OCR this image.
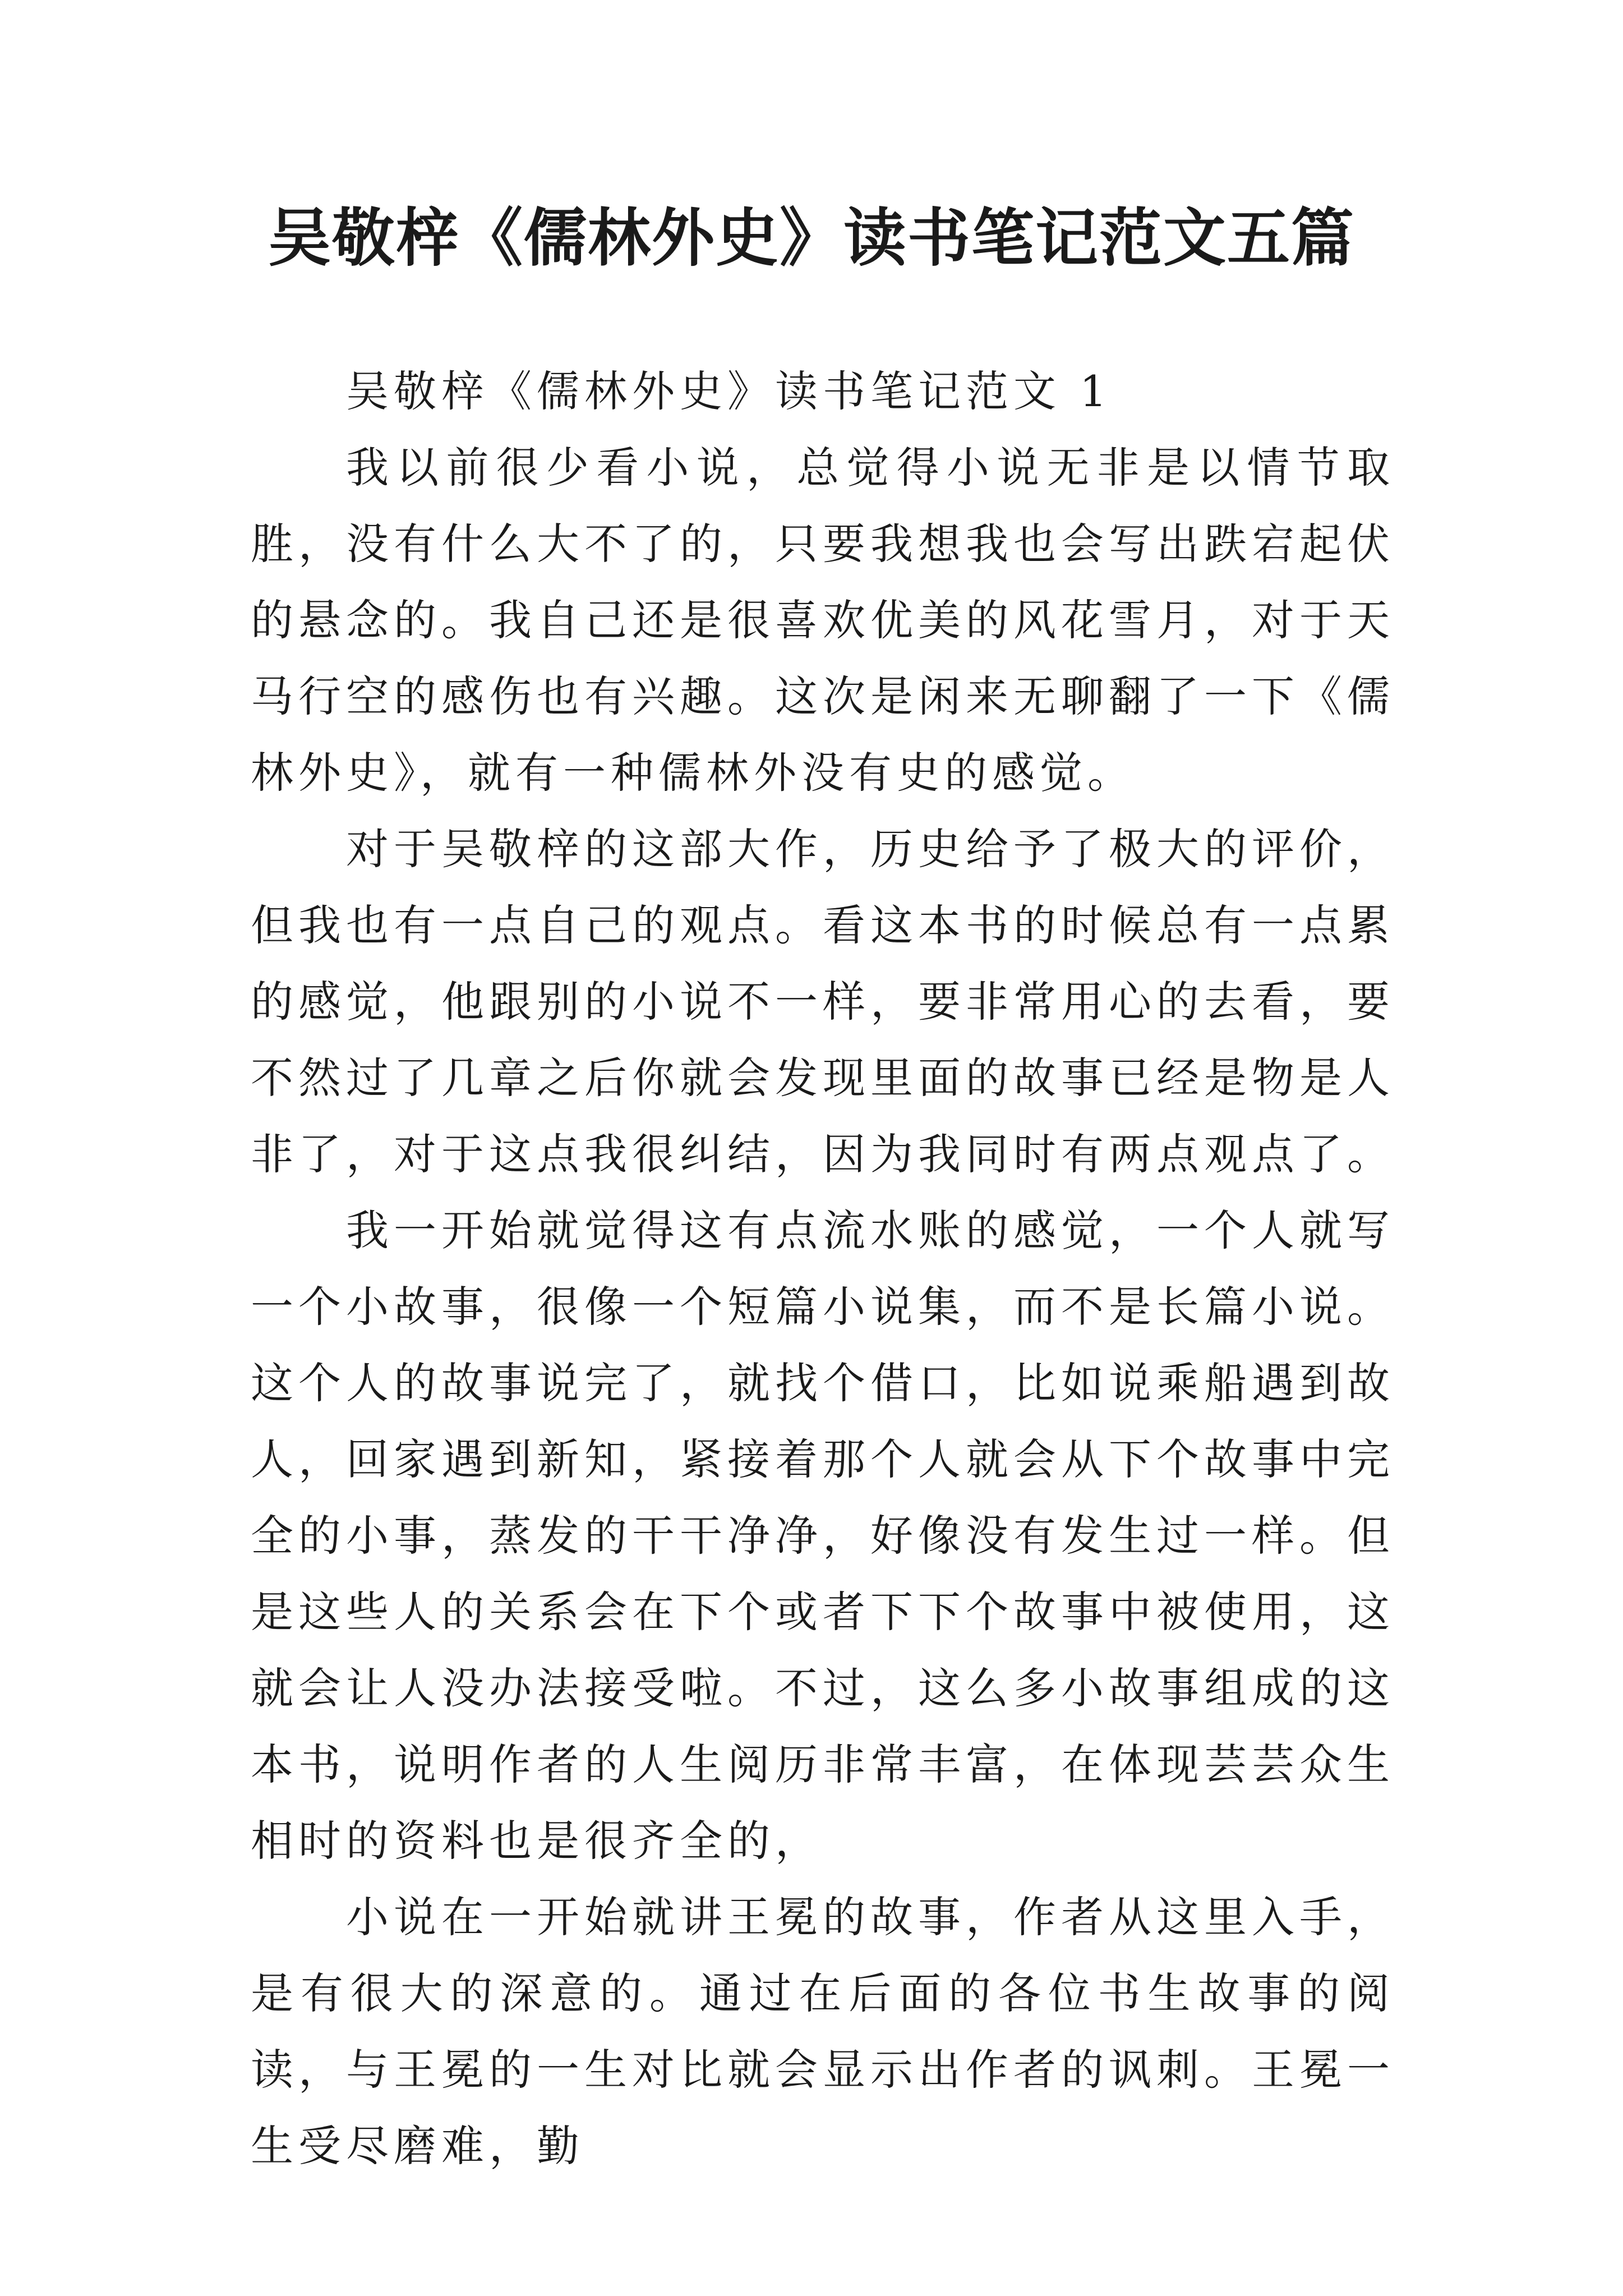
吴敬梓《儒林外史》读书笔记范文五篇

吴敬梓《儒林外史》读书笔记范文 1

我以前很少看小说，总觉得小说无非是以情节取胜，没有什么大不了的，只要我想我也会写出跌宕起伏的悬念的。我自己还是很喜欢优美的风花雪月，对于天马行空的感伤也有兴趣。这次是闲来无聊翻了一下《儒林外史》，就有一种儒林外没有史的感觉。

对于吴敬梓的这部大作，历史给予了极大的评价，但我也有一点自己的观点。看这本书的时候总有一点累的感觉，他跟别的小说不一样，要非常用心的去看，要不然过了几章之后你就会发现里面的故事已经是物是人非了，对于这点我很纠结，因为我同时有两点观点了。

我一开始就觉得这有点流水账的感觉，一个人就写一个小故事，很像一个短篇小说集，而不是长篇小说。这个人的故事说完了，就找个借口，比如说乘船遇到故人，回家遇到新知，紧接着那个人就会从下个故事中完全的小事，蒸发的干干净净，好像没有发生过一样。但是这些人的关系会在下个或者下下个故事中被使用，这就会让人没办法接受啦。不过，这么多小故事组成的这本书，说明作者的人生阅历非常丰富，在体现芸芸众生相时的资料也是很齐全的，

小说在一开始就讲王冕的故事，作者从这里入手，是有很大的深意的。通过在后面的各位书生故事的阅读，与王冕的一生对比就会显示出作者的讽刺。王冕一生受尽磨难，勤
